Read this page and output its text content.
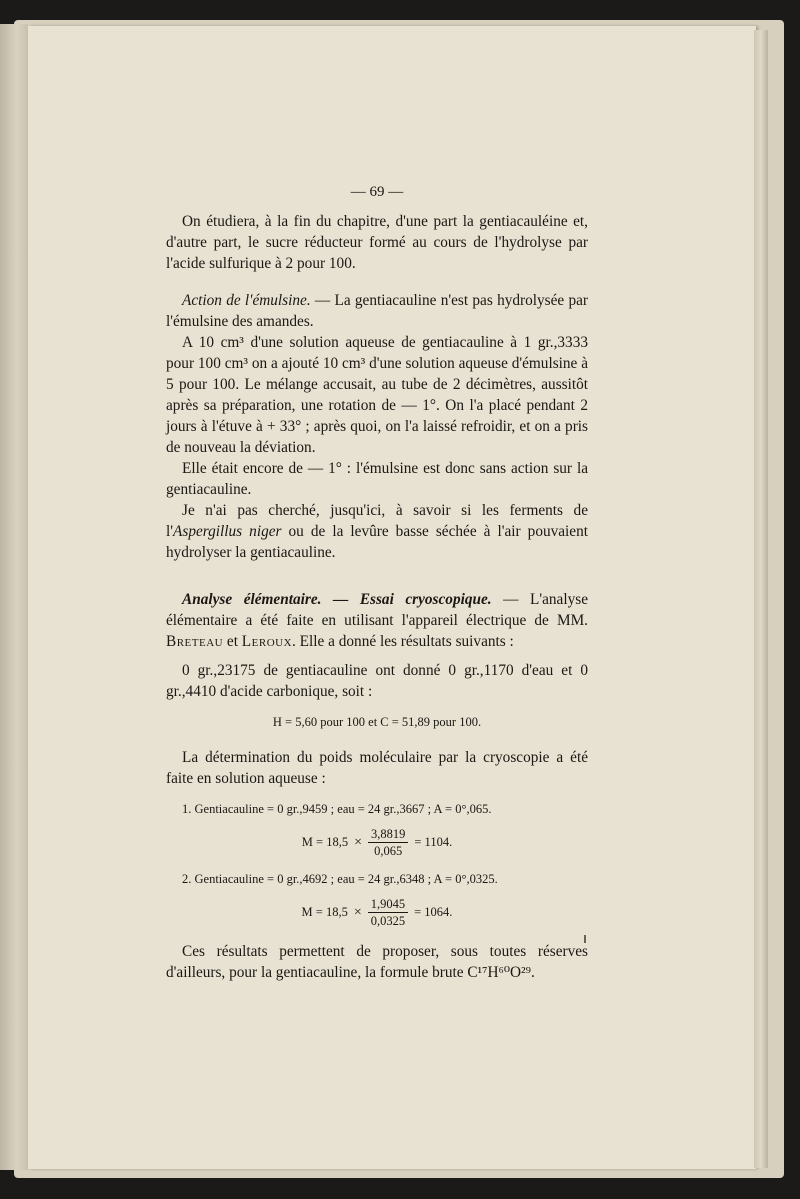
— 69 —

On étudiera, à la fin du chapitre, d'une part la gentiacauléine et, d'autre part, le sucre réducteur formé au cours de l'hydrolyse par l'acide sulfurique à 2 pour 100.

Action de l'émulsine. — La gentiacauline n'est pas hydrolysée par l'émulsine des amandes.

A 10 cm³ d'une solution aqueuse de gentiacauline à 1 gr.,3333 pour 100 cm³ on a ajouté 10 cm³ d'une solution aqueuse d'émulsine à 5 pour 100. Le mélange accusait, au tube de 2 décimètres, aussitôt après sa préparation, une rotation de — 1°. On l'a placé pendant 2 jours à l'étuve à + 33° ; après quoi, on l'a laissé refroidir, et on a pris de nouveau la déviation.

Elle était encore de — 1° : l'émulsine est donc sans action sur la gentiacauline.

Je n'ai pas cherché, jusqu'ici, à savoir si les ferments de l'Aspergillus niger ou de la levûre basse séchée à l'air pouvaient hydrolyser la gentiacauline.

Analyse élémentaire. — Essai cryoscopique. — L'analyse élémentaire a été faite en utilisant l'appareil électrique de MM. Breteau et Leroux. Elle a donné les résultats suivants :

0 gr.,23175 de gentiacauline ont donné 0 gr.,1170 d'eau et 0 gr.,4410 d'acide carbonique, soit :

H = 5,60 pour 100 et C = 51,89 pour 100.

La détermination du poids moléculaire par la cryoscopie a été faite en solution aqueuse :

1. Gentiacauline = 0 gr.,9459 ; eau = 24 gr.,3667 ; A = 0°,065.
$M = 18,5 \times \frac{3,8819}{0,065} = 1104$.
2. Gentiacauline = 0 gr.,4692 ; eau = 24 gr.,6348 ; A = 0°,0325.
$M = 18,5 \times \frac{1,9045}{0,0325} = 1064$.

Ces résultats permettent de proposer, sous toutes réserves d'ailleurs, pour la gentiacauline, la formule brute C¹⁷H⁶⁰O²⁹.
